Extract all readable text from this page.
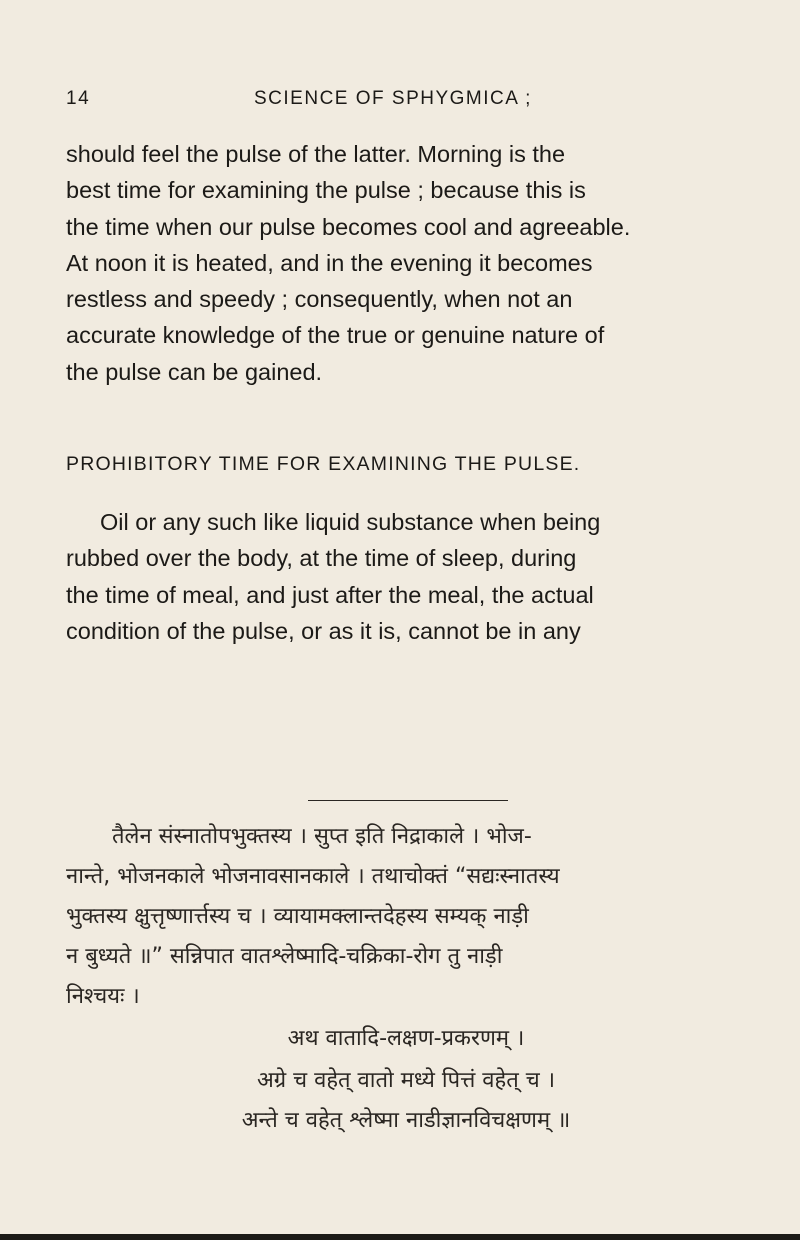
14	SCIENCE OF SPHYGMICA ;

should feel the pulse of the latter. Morning is the

best time for examining the pulse ; because this is

the time when our pulse becomes cool and agreeable.

At noon it is heated, and in the evening it becomes

restless and speedy ; consequently, when not an

accurate knowledge of the true or genuine nature of

the pulse can be gained.

PROHIBITORY TIME FOR EXAMINING THE PULSE.

Oil or any such like liquid substance when being

rubbed over the body, at the time of sleep, during

the time of meal, and just after the meal, the actual

condition of the pulse, or as it is, cannot be in any

तैलेन संस्नातोपभुक्तस्य । सुप्त इति निद्राकाले । भोज-
नान्ते, भोजनकाले भोजनावसानकाले । तथाचोक्तं “सद्यःस्नातस्य
भुक्तस्य क्षुत्तृष्णार्त्तस्य च । व्यायामक्लान्तदेहस्य सम्यक् नाड़ी
न बुध्यते ॥” सन्निपात वातश्लेष्मादि-चक्रिका-रोग तु नाड़ी
निश्चयः ।
अथ वातादि-लक्षण-प्रकरणम् ।
अग्रे च वहेत् वातो मध्ये पित्तं वहेत् च ।
अन्ते च वहेत् श्लेष्मा नाडीज्ञानविचक्षणम् ॥
